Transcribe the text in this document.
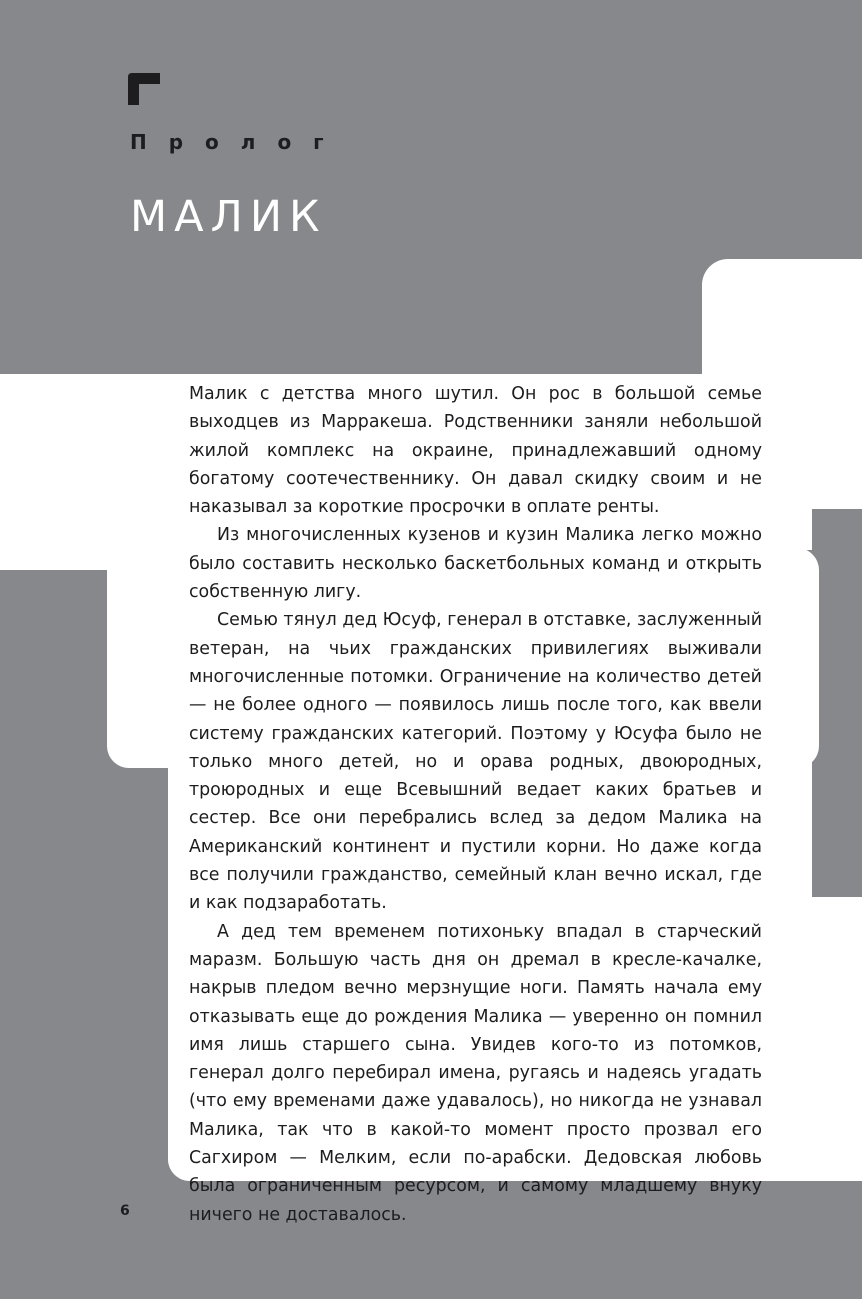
Пролог
МАЛИК

Малик с детства много шутил. Он рос в большой семье выходцев из Марракеша. Родственники заняли небольшой жилой комплекс на окраине, принадлежавший одному богатому соотечественнику. Он давал скидку своим и не наказывал за короткие просрочки в оплате ренты.

Из многочисленных кузенов и кузин Малика легко можно было составить несколько баскетбольных команд и открыть собственную лигу.

Семью тянул дед Юсуф, генерал в отставке, заслуженный ветеран, на чьих гражданских привилегиях выживали многочисленные потомки. Ограничение на количество детей — не более одного — появилось лишь после того, как ввели систему гражданских категорий. Поэтому у Юсуфа было не только много детей, но и орава родных, двоюродных, троюродных и еще Всевышний ведает каких братьев и сестер. Все они перебрались вслед за дедом Малика на Американский континент и пустили корни. Но даже когда все получили гражданство, семейный клан вечно искал, где и как подзаработать.

А дед тем временем потихоньку впадал в старческий маразм. Большую часть дня он дремал в кресле-качалке, накрыв пледом вечно мерзнущие ноги. Память начала ему отказывать еще до рождения Малика — уверенно он помнил имя лишь старшего сына. Увидев кого-то из потомков, генерал долго перебирал имена, ругаясь и надеясь угадать (что ему временами даже удавалось), но никогда не узнавал Малика, так что в какой-то момент просто прозвал его Сагхиром — Мелким, если по-арабски. Дедовская любовь была ограниченным ресурсом, и самому младшему внуку ничего не доставалось.

6
